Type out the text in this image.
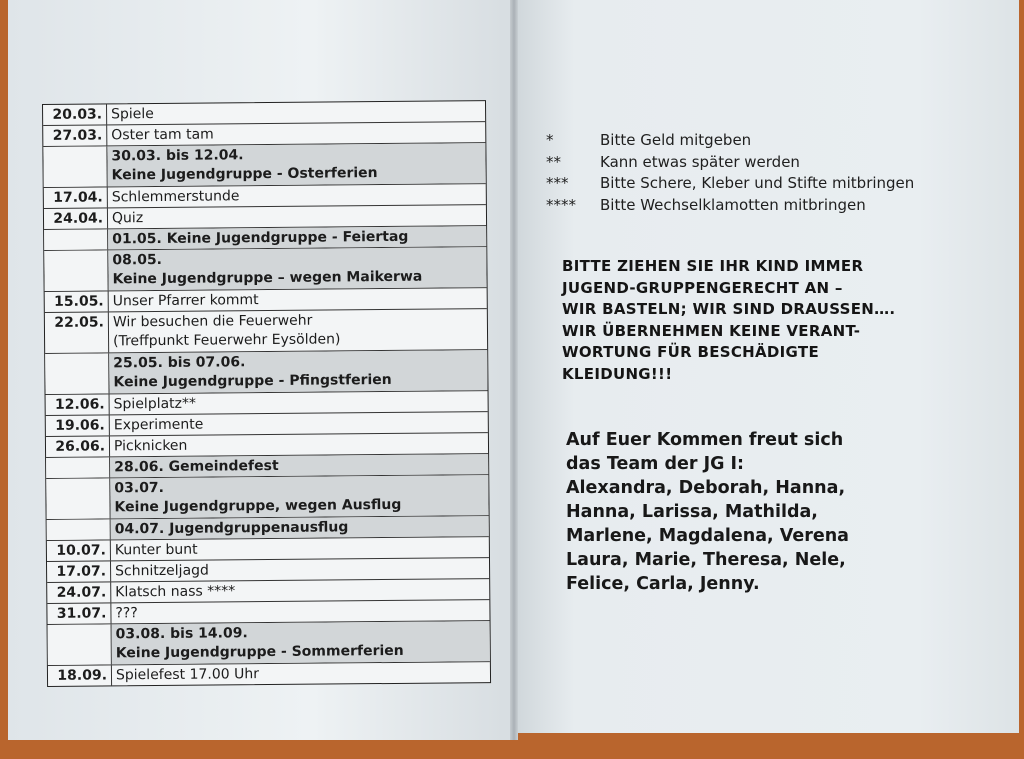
20.03. Spiele
27.03. Oster tam tam
30.03. bis 12.04.
Keine Jugendgruppe - Osterferien
17.04. Schlemmerstunde
24.04. Quiz
01.05. Keine Jugendgruppe - Feiertag
08.05.
Keine Jugendgruppe – wegen Maikerwa
15.05. Unser Pfarrer kommt
22.05. Wir besuchen die Feuerwehr
(Treffpunkt Feuerwehr Eysölden)
25.05. bis 07.06.
Keine Jugendgruppe - Pfingstferien
12.06. Spielplatz**
19.06. Experimente
26.06. Picknicken
28.06. Gemeindefest
03.07.
Keine Jugendgruppe, wegen Ausflug
04.07. Jugendgruppenausflug
10.07. Kunter bunt
17.07. Schnitzeljagd
24.07. Klatsch nass ****
31.07. ???
03.08. bis 14.09.
Keine Jugendgruppe - Sommerferien
18.09. Spielefest 17.00 Uhr
*	Bitte Geld mitgeben
**	Kann etwas später werden
***	Bitte Schere, Kleber und Stifte mitbringen
****	Bitte Wechselklamotten mitbringen
BITTE ZIEHEN SIE IHR KIND IMMER
JUGEND-GRUPPENGERECHT AN –
WIR BASTELN; WIR SIND DRAUSSEN….
WIR ÜBERNEHMEN KEINE VERANT-
WORTUNG FÜR BESCHÄDIGTE
KLEIDUNG!!!
Auf Euer Kommen freut sich
das Team der JG I:
Alexandra, Deborah, Hanna,
Hanna, Larissa, Mathilda,
Marlene, Magdalena, Verena
Laura, Marie, Theresa, Nele,
Felice, Carla, Jenny.
